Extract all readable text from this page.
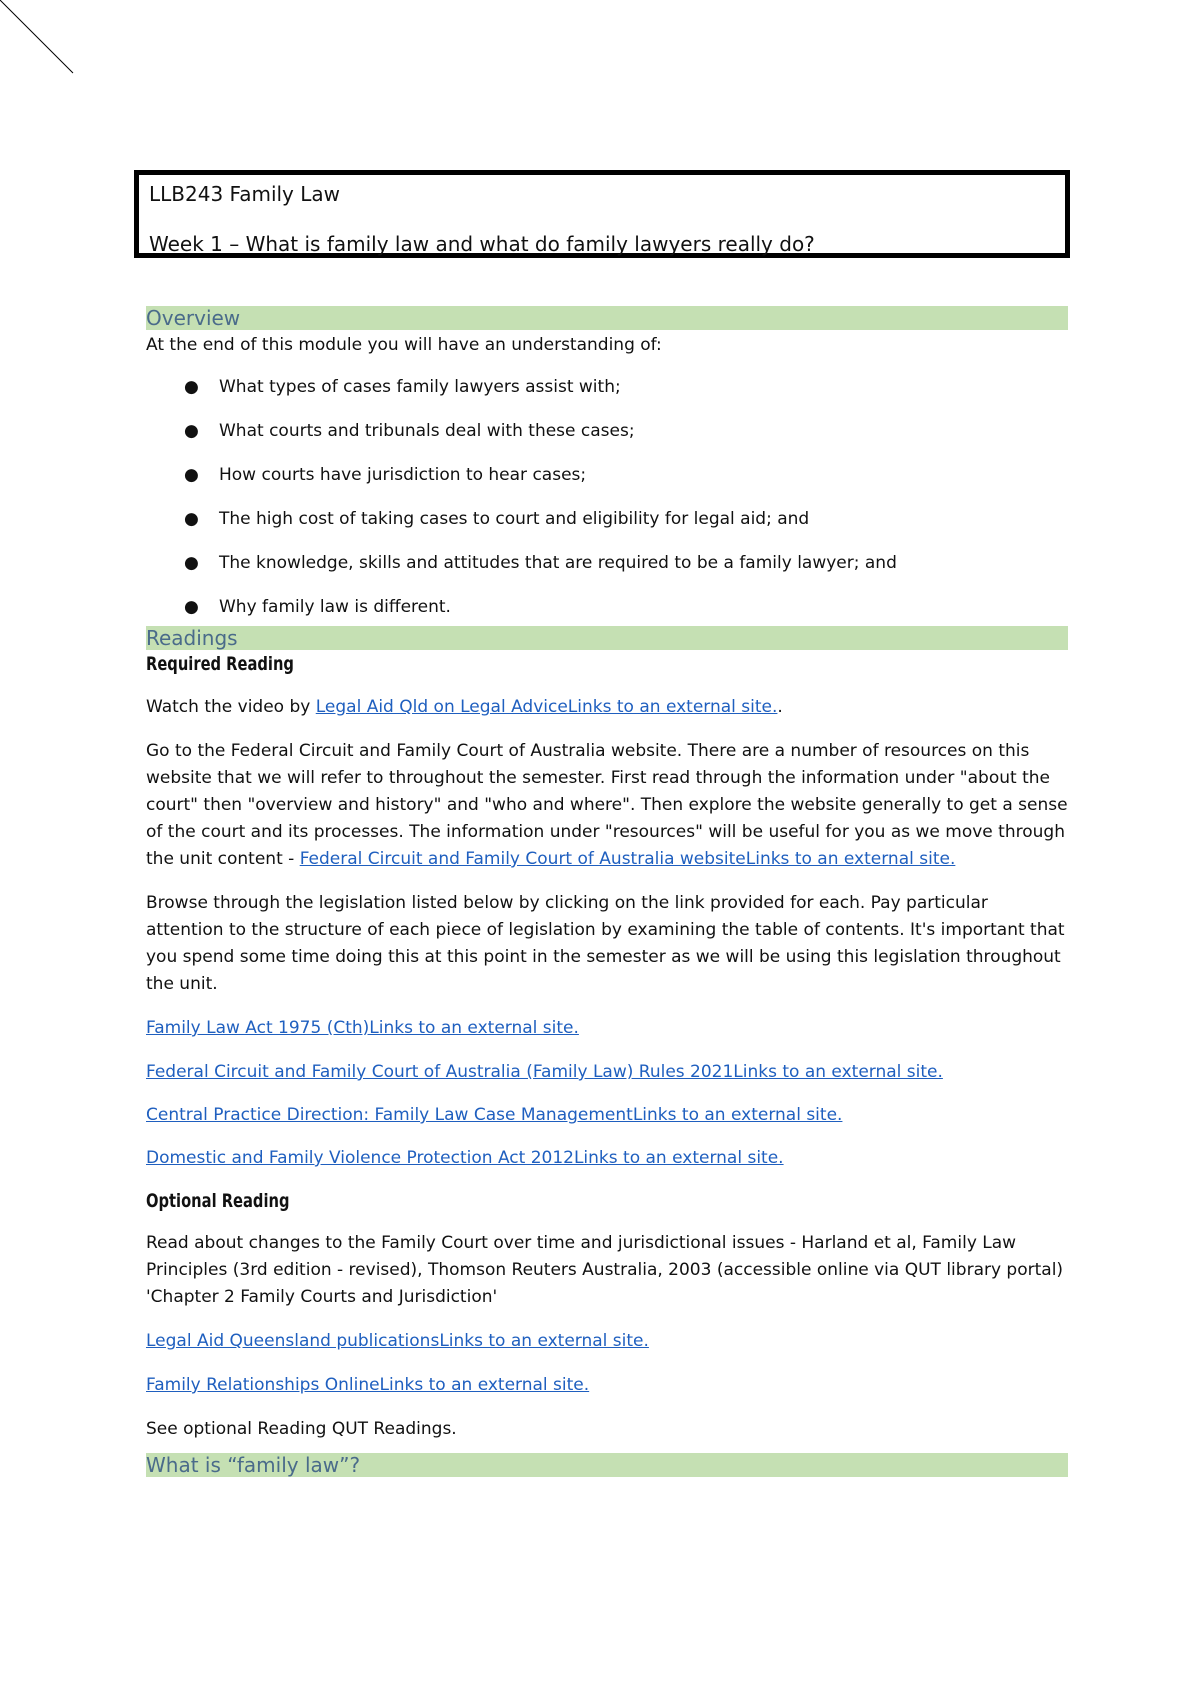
LLB243 Family Law
Week 1 – What is family law and what do family lawyers really do?
Overview

At the end of this module you will have an understanding of:

● What types of cases family lawyers assist with;
● What courts and tribunals deal with these cases;
● How courts have jurisdiction to hear cases;
● The high cost of taking cases to court and eligibility for legal aid; and
● The knowledge, skills and attitudes that are required to be a family lawyer; and
● Why family law is different.
Readings

Required Reading

Watch the video by Legal Aid Qld on Legal AdviceLinks to an external site..

Go to the Federal Circuit and Family Court of Australia website. There are a number of resources on this website that we will refer to throughout the semester. First read through the information under "about the court" then "overview and history" and "who and where". Then explore the website generally to get a sense of the court and its processes. The information under "resources" will be useful for you as we move through the unit content - Federal Circuit and Family Court of Australia websiteLinks to an external site.

Browse through the legislation listed below by clicking on the link provided for each. Pay particular attention to the structure of each piece of legislation by examining the table of contents. It's important that you spend some time doing this at this point in the semester as we will be using this legislation throughout the unit.

Family Law Act 1975 (Cth)Links to an external site.

Federal Circuit and Family Court of Australia (Family Law) Rules 2021Links to an external site.

Central Practice Direction: Family Law Case ManagementLinks to an external site.

Domestic and Family Violence Protection Act 2012Links to an external site.

Optional Reading

Read about changes to the Family Court over time and jurisdictional issues - Harland et al, Family Law Principles (3rd edition - revised), Thomson Reuters Australia, 2003 (accessible online via QUT library portal) 'Chapter 2 Family Courts and Jurisdiction'

Legal Aid Queensland publicationsLinks to an external site.

Family Relationships OnlineLinks to an external site.

See optional Reading QUT Readings.

What is “family law”?
